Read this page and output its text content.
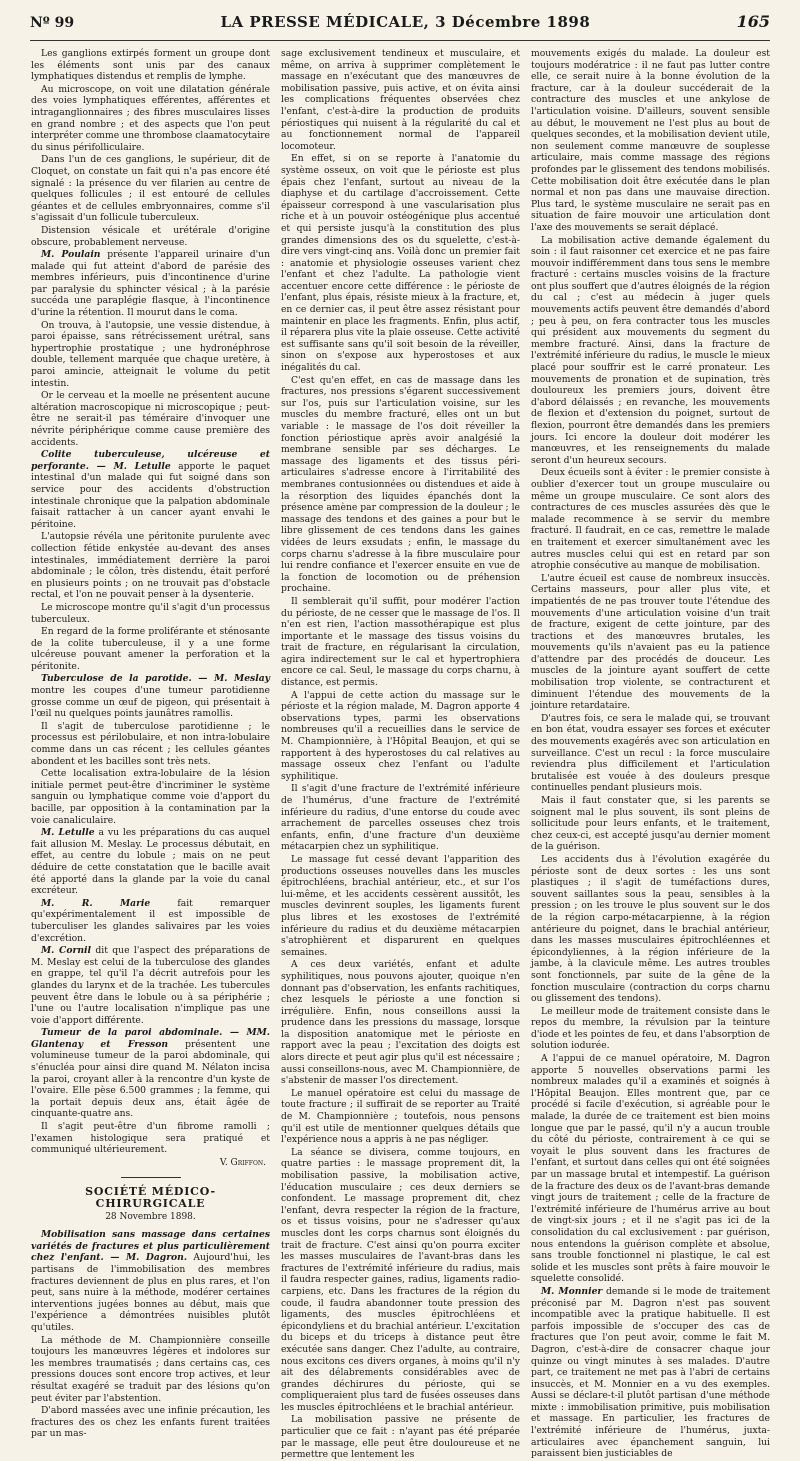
Nº 99	LA PRESSE MÉDICALE, 3 Décembre 1898	165

Les ganglions extirpés forment un groupe dont les éléments sont unis par des canaux lymphatiques distendus et remplis de lymphe.

Au microscope, on voit une dilatation générale des voies lymphatiques efférentes, afférentes et intraganglionnaires ; des fibres musculaires lisses en grand nombre ; et des aspects que l'on peut interpréter comme une thrombose claamatocytaire du sinus périfolliculaire.

Dans l'un de ces ganglions, le supérieur, dit de Cloquet, on constate un fait qui n'a pas encore été signalé : la présence du ver filarien au centre de quelques follicules ; il est entouré de cellules géantes et de cellules embryonnaires, comme s'il s'agissait d'un follicule tuberculeux.

Distension vésicale et urétérale d'origine obscure, probablement nerveuse.

M. Poulain présente l'appareil urinaire d'un malade qui fut atteint d'abord de parésie des membres inférieurs, puis d'incontinence d'urine par paralysie du sphincter vésical ; à la parésie succéda une paraplégie flasque, à l'incontinence d'urine la rétention. Il mourut dans le coma.

On trouva, à l'autopsie, une vessie distendue, à paroi épaisse, sans rétrécissement urétral, sans hypertrophie prostatique ; une hydronéphrose double, tellement marquée que chaque uretère, à paroi amincie, atteignait le volume du petit intestin.

Or le cerveau et la moelle ne présentent aucune altération macroscopique ni microscopique ; peut-être ne serait-il pas téméraire d'invoquer une névrite périphérique comme cause première des accidents.

Colite tuberculeuse, ulcéreuse et perforante. — M. Letulle apporte le paquet intestinal d'un malade qui fut soigné dans son service pour des accidents d'obstruction intestinale chronique que la palpation abdominale faisait rattacher à un cancer ayant envahi le péritoine.

L'autopsie révéla une péritonite purulente avec collection fétide enkystée au-devant des anses intestinales, immédiatement derrière la paroi abdominale ; le côlon, très distendu, était perforé en plusieurs points ; on ne trouvait pas d'obstacle rectal, et l'on ne pouvait penser à la dysenterie.

Le microscope montre qu'il s'agit d'un processus tuberculeux.

En regard de la forme proliférante et sténosante de la colite tuberculeuse, il y a une forme ulcéreuse pouvant amener la perforation et la péritonite.

Tuberculose de la parotide. — M. Meslay montre les coupes d'une tumeur parotidienne grosse comme un œuf de pigeon, qui présentait à l'œil nu quelques points jaunâtres ramollis.

Il s'agit de tuberculose parotidienne ; le processus est périlobulaire, et non intra-lobulaire comme dans un cas récent ; les cellules géantes abondent et les bacilles sont très nets.

Cette localisation extra-lobulaire de la lésion initiale permet peut-être d'incriminer le système sanguin ou lymphatique comme voie d'apport du bacille, par opposition à la contamination par la voie canaliculaire.

M. Letulle a vu les préparations du cas auquel fait allusion M. Meslay. Le processus débutait, en effet, au centre du lobule ; mais on ne peut déduire de cette constatation que le bacille avait été apporté dans la glande par la voie du canal excréteur.

M. R. Marie fait remarquer qu'expérimentalement il est impossible de tuberculiser les glandes salivaires par les voies d'excrétion.

M. Cornil dit que l'aspect des préparations de M. Meslay est celui de la tuberculose des glandes en grappe, tel qu'il l'a décrit autrefois pour les glandes du larynx et de la trachée. Les tubercules peuvent être dans le lobule ou à sa périphérie ; l'une ou l'autre localisation n'implique pas une voie d'apport différente.

Tumeur de la paroi abdominale. — MM. Glantenay et Fresson présentent une volumineuse tumeur de la paroi abdominale, qui s'énucléa pour ainsi dire quand M. Nélaton incisa la paroi, croyant aller à la rencontre d'un kyste de l'ovaire. Elle pèse 6.500 grammes ; la femme, qui la portait depuis deux ans, était âgée de cinquante-quatre ans.

Il s'agit peut-être d'un fibrome ramolli ; l'examen histologique sera pratiqué et communiqué ultérieurement.

V. Griffon.
SOCIÉTÉ MÉDICO-CHIRURGICALE
28 Novembre 1898.

Mobilisation sans massage dans certaines variétés de fractures et plus particulièrement chez l'enfant. — M. Dagron. Aujourd'hui, les partisans de l'immobilisation des membres fractures deviennent de plus en plus rares, et l'on peut, sans nuire à la méthode, modérer certaines interventions jugées bonnes au début, mais que l'expérience a démontrées nuisibles plutôt qu'utiles.

La méthode de M. Championnière conseille toujours les manœuvres légères et indolores sur les membres traumatisés ; dans certains cas, ces pressions douces sont encore trop actives, et leur résultat exagéré se traduit par des lésions qu'on peut éviter par l'abstention.

D'abord massées avec une infinie précaution, les fractures des os chez les enfants furent traitées par un mas-

sage exclusivement tendineux et musculaire, et même, on arriva à supprimer complètement le massage en n'exécutant que des manœuvres de mobilisation passive, puis active, et on évita ainsi les complications fréquentes observées chez l'enfant, c'est-à-dire la production de produits périostiques qui nuisent à la régularité du cal et au fonctionnement normal de l'appareil locomoteur.

En effet, si on se reporte à l'anatomie du système osseux, on voit que le périoste est plus épais chez l'enfant, surtout au niveau de la diaphyse et du cartilage d'accroissement. Cette épaisseur correspond à une vascularisation plus riche et à un pouvoir ostéogénique plus accentué et qui persiste jusqu'à la constitution des plus grandes dimensions des os du squelette, c'est-à-dire vers vingt-cinq ans. Voilà donc un premier fait : anatomie et physiologie osseuses varient chez l'enfant et chez l'adulte. La pathologie vient accentuer encore cette différence : le périoste de l'enfant, plus épais, résiste mieux à la fracture, et, en ce dernier cas, il peut être assez résistant pour maintenir en place les fragments. Enfin, plus actif, il réparera plus vite la plaie osseuse. Cette activité est suffisante sans qu'il soit besoin de la réveiller, sinon on s'expose aux hyperostoses et aux inégalités du cal.

C'est qu'en effet, en cas de massage dans les fractures, nos pressions s'égarent successivement sur l'os, puis sur l'articulation voisine, sur les muscles du membre fracturé, elles ont un but variable : le massage de l'os doit réveiller la fonction périostique après avoir analgésié la membrane sensible par ses décharges. Le massage des ligaments et des tissus péri-articulaires s'adresse encore à l'irritabilité des membranes contusionnées ou distendues et aide à la résorption des liquides épanchés dont la présence amène par compression de la douleur ; le massage des tendons et des gaines a pour but le libre glissement de ces tendons dans les gaines vidées de leurs exsudats ; enfin, le massage du corps charnu s'adresse à la fibre musculaire pour lui rendre confiance et l'exercer ensuite en vue de la fonction de locomotion ou de préhension prochaine.

Il semblerait qu'il suffit, pour modérer l'action du périoste, de ne cesser que le massage de l'os. Il n'en est rien, l'action massothérapique est plus importante et le massage des tissus voisins du trait de fracture, en régularisant la circulation, agira indirectement sur le cal et hypertrophiera encore ce cal. Seul, le massage du corps charnu, à distance, est permis.

A l'appui de cette action du massage sur le périoste et la région malade, M. Dagron apporte 4 observations types, parmi les observations nombreuses qu'il a recueillies dans le service de M. Championnière, à l'Hôpital Beaujon, et qui se rapportent à des hyperostoses du cal relatives au massage osseux chez l'enfant ou l'adulte syphilitique.

Il s'agit d'une fracture de l'extrémité inférieure de l'humérus, d'une fracture de l'extrémité inférieure du radius, d'une entorse du coude avec arrachement de parcelles osseuses chez trois enfants, enfin, d'une fracture d'un deuxième métacarpien chez un syphilitique.

Le massage fut cessé devant l'apparition des productions osseuses nouvelles dans les muscles épitrochléens, brachial antérieur, etc., et sur l'os lui-même, et les accidents cessèrent aussitôt, les muscles devinrent souples, les ligaments furent plus libres et les exostoses de l'extrémité inférieure du radius et du deuxième métacarpien s'atrophièrent et disparurent en quelques semaines.

A ces deux variétés, enfant et adulte syphilitiques, nous pouvons ajouter, quoique n'en donnant pas d'observation, les enfants rachitiques, chez lesquels le périoste a une fonction si irrégulière. Enfin, nous conseillons aussi la prudence dans les pressions du massage, lorsque la disposition anatomique met le périoste en rapport avec la peau ; l'excitation des doigts est alors directe et peut agir plus qu'il est nécessaire ; aussi conseillons-nous, avec M. Championnière, de s'abstenir de masser l'os directement.

Le manuel opératoire est celui du massage de toute fracture ; il suffirait de se reporter au Traité de M. Championnière ; toutefois, nous pensons qu'il est utile de mentionner quelques détails que l'expérience nous a appris à ne pas négliger.

La séance se divisera, comme toujours, en quatre parties : le massage proprement dit, la mobilisation passive, la mobilisation active, l'éducation musculaire ; ces deux derniers se confondent. Le massage proprement dit, chez l'enfant, devra respecter la région de la fracture, os et tissus voisins, pour ne s'adresser qu'aux muscles dont les corps charnus sont éloignés du trait de fracture. C'est ainsi qu'on pourra exciter les masses musculaires de l'avant-bras dans les fractures de l'extrémité inférieure du radius, mais il faudra respecter gaines, radius, ligaments radio-carpiens, etc. Dans les fractures de la région du coude, il faudra abandonner toute pression des ligaments, des muscles épitrochléens et épicondyliens et du brachial antérieur. L'excitation du biceps et du triceps à distance peut être exécutée sans danger. Chez l'adulte, au contraire, nous excitons ces divers organes, à moins qu'il n'y ait des délabrements considérables avec de grandes déchirures du périoste, qui se compliqueraient plus tard de fusées osseuses dans les muscles épitrochléens et le brachial antérieur.

La mobilisation passive ne présente de particulier que ce fait : n'ayant pas été préparée par le massage, elle peut être douloureuse et ne permettre que lentement les

mouvements exigés du malade. La douleur est toujours modératrice : il ne faut pas lutter contre elle, ce serait nuire à la bonne évolution de la fracture, car à la douleur succéderait de la contracture des muscles et une ankylose de l'articulation voisine. D'ailleurs, souvent sensible au début, le mouvement ne l'est plus au bout de quelques secondes, et la mobilisation devient utile, non seulement comme manœuvre de souplesse articulaire, mais comme massage des régions profondes par le glissement des tendons mobilisés. Cette mobilisation doit être exécutée dans le plan normal et non pas dans une mauvaise direction. Plus tard, le système musculaire ne serait pas en situation de faire mouvoir une articulation dont l'axe des mouvements se serait déplacé.

La mobilisation active demande également du soin : il faut raisonner cet exercice et ne pas faire mouvoir indifféremment dans tous sens le membre fracturé : certains muscles voisins de la fracture ont plus souffert que d'autres éloignés de la région du cal ; c'est au médecin à juger quels mouvements actifs peuvent être demandés d'abord ; peu à peu, on fera contracter tous les muscles qui président aux mouvements du segment du membre fracturé. Ainsi, dans la fracture de l'extrémité inférieure du radius, le muscle le mieux placé pour souffrir est le carré pronateur. Les mouvements de pronation et de supination, très douloureux les premiers jours, doivent être d'abord délaissés ; en revanche, les mouvements de flexion et d'extension du poignet, surtout de flexion, pourront être demandés dans les premiers jours. Ici encore la douleur doit modérer les manœuvres, et les renseignements du malade seront d'un heureux secours.

Deux écueils sont à éviter : le premier consiste à oublier d'exercer tout un groupe musculaire ou même un groupe musculaire. Ce sont alors des contractures de ces muscles assurées dès que le malade recommence à se servir du membre fracturé. Il faudrait, en ce cas, remettre le malade en traitement et exercer simultanément avec les autres muscles celui qui est en retard par son atrophie consécutive au manque de mobilisation.

L'autre écueil est cause de nombreux insuccès. Certains masseurs, pour aller plus vite, et impatientés de ne pas trouver toute l'étendue des mouvements d'une articulation voisine d'un trait de fracture, exigent de cette jointure, par des tractions et des manœuvres brutales, les mouvements qu'ils n'avaient pas eu la patience d'attendre par des procédés de douceur. Les muscles de la jointure ayant souffert de cette mobilisation trop violente, se contracturent et diminuent l'étendue des mouvements de la jointure retardataire.

D'autres fois, ce sera le malade qui, se trouvant en bon état, voudra essayer ses forces et exécuter des mouvements exagérés avec son articulation en surveillance. C'est un recul : la force musculaire reviendra plus difficilement et l'articulation brutalisée est vouée à des douleurs presque continuelles pendant plusieurs mois.

Mais il faut constater que, si les parents se soignent mal le plus souvent, ils sont pleins de sollicitude pour leurs enfants, et le traitement, chez ceux-ci, est accepté jusqu'au dernier moment de la guérison.

Les accidents dus à l'évolution exagérée du périoste sont de deux sortes : les uns sont plastiques ; il s'agit de tuméfactions dures, souvent saillantes sous la peau, sensibles à la pression ; on les trouve le plus souvent sur le dos de la région carpo-métacarpienne, à la région antérieure du poignet, dans le brachial antérieur, dans les masses musculaires épitrochléennes et épicondyliennes, à la région inférieure de la jambe, à la clavicule même. Les autres troubles sont fonctionnels, par suite de la gêne de la fonction musculaire (contraction du corps charnu ou glissement des tendons).

Le meilleur mode de traitement consiste dans le repos du membre, la révulsion par la teinture d'iode et les pointes de feu, et dans l'absorption de solution iodurée.

A l'appui de ce manuel opératoire, M. Dagron apporte 5 nouvelles observations parmi les nombreux malades qu'il a examinés et soignés à l'Hôpital Beaujon. Elles montrent que, par ce procédé si facile d'exécution, si agréable pour le malade, la durée de ce traitement est bien moins longue que par le passé, qu'il n'y a aucun trouble du côté du périoste, contrairement à ce qui se voyait le plus souvent dans les fractures de l'enfant, et surtout dans celles qui ont été soignées par un massage brutal et intempestif. La guérison de la fracture des deux os de l'avant-bras demande vingt jours de traitement ; celle de la fracture de l'extrémité inférieure de l'humérus arrive au bout de vingt-six jours ; et il ne s'agit pas ici de la consolidation du cal exclusivement : par guérison, nous entendons la guérison complète et absolue, sans trouble fonctionnel ni plastique, le cal est solide et les muscles sont prêts à faire mouvoir le squelette consolidé.

M. Monnier demande si le mode de traitement préconisé par M. Dagron n'est pas souvent incompatible avec la pratique habituelle. Il est parfois impossible de s'occuper des cas de fractures que l'on peut avoir, comme le fait M. Dagron, c'est-à-dire de consacrer chaque jour quinze ou vingt minutes à ses malades. D'autre part, ce traitement ne met pas à l'abri de certains insuccès, et M. Monnier en a vu des exemples. Aussi se déclare-t-il plutôt partisan d'une méthode mixte : immobilisation primitive, puis mobilisation et massage. En particulier, les fractures de l'extrémité inférieure de l'humérus, juxta-articulaires avec épanchement sanguin, lui paraissent bien justiciables de
